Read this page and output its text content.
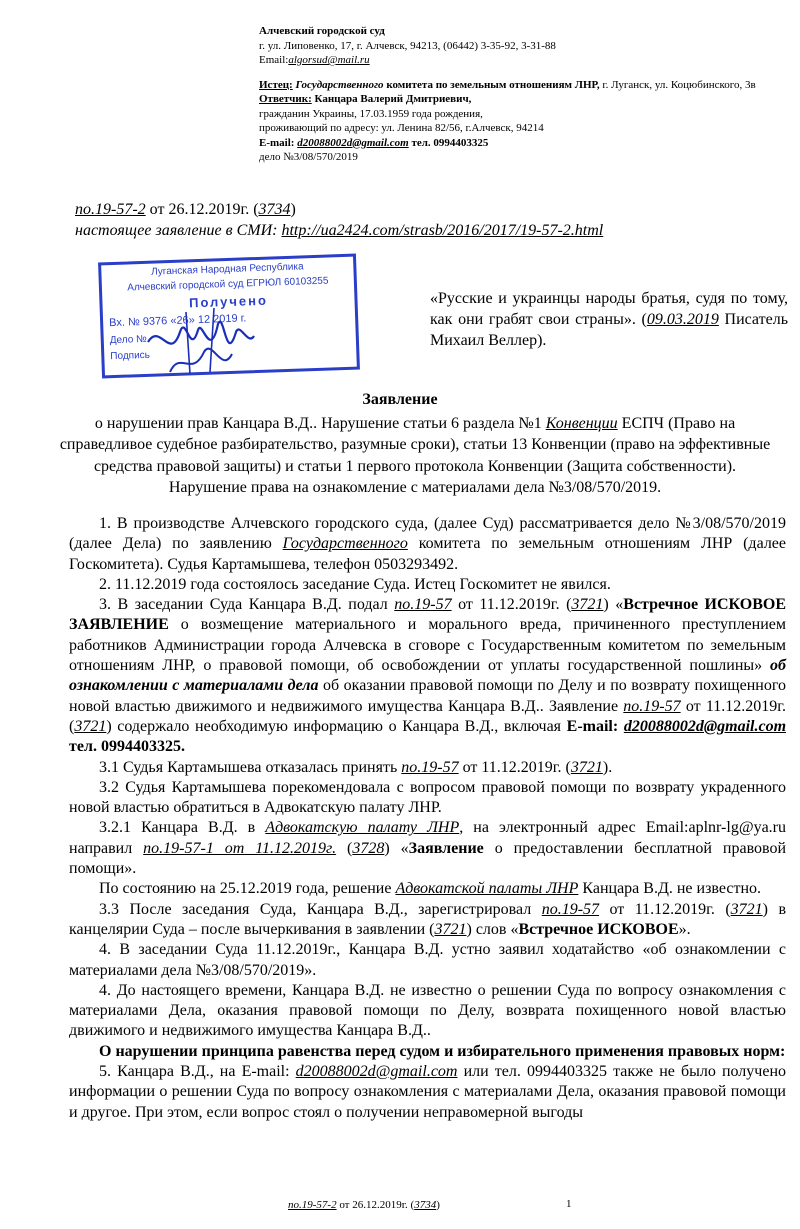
Алчевский городской суд
г. ул. Липовенко, 17, г. Алчевск, 94213, (06442) 3-35-92, 3-31-88
Email:algorsud@mail.ru
Истец: Государственного комитета по земельным отношениям ЛНР, г. Луганск, ул. Коцюбинского, 3в
Ответчик: Канцара Валерий Дмитриевич,
гражданин Украины, 17.03.1959 года рождения,
проживающий по адресу: ул. Ленина 82/56, г.Алчевск, 94214
E-mail: d20088002d@gmail.com тел. 0994403325
дело №3/08/570/2019
по.19-57-2 от 26.12.2019г. (3734)
настоящее заявление в СМИ: http://ua2424.com/strasb/2016/2017/19-57-2.html
Луганская Народная Республика
Алчевский городской суд ЕГРЮЛ 60103255
Получено
Вх. № 9376 «26» 12 2019 г.
Дело №
Подпись
«Русские и украинцы народы братья, судя по тому, как они грабят свои страны». (09.03.2019 Писатель Михаил Веллер).
Заявление
о нарушении прав Канцара В.Д.. Нарушение статьи 6 раздела №1 Конвенции ЕСПЧ (Право на справедливое судебное разбирательство, разумные сроки), статьи 13 Конвенции (право на эффективные средства правовой защиты) и статьи 1 первого протокола Конвенции (Защита собственности). Нарушение права на ознакомление с материалами дела №3/08/570/2019.

1. В производстве Алчевского городского суда, (далее Суд) рассматривается дело №3/08/570/2019 (далее Дела) по заявлению Государственного комитета по земельным отношениям ЛНР (далее Госкомитета). Судья Картамышева, телефон 0503293492.

2. 11.12.2019 года состоялось заседание Суда. Истец Госкомитет не явился.

3. В заседании Суда Канцара В.Д. подал по.19-57 от 11.12.2019г. (3721) «Встречное ИСКОВОЕ ЗАЯВЛЕНИЕ о возмещение материального и морального вреда, причиненного преступлением работников Администрации города Алчевска в сговоре с Государственным комитетом по земельным отношениям ЛНР, о правовой помощи, об освобождении от уплаты государственной пошлины» об ознакомлении с материалами дела об оказании правовой помощи по Делу и по возврату похищенного новой властью движимого и недвижимого имущества Канцара В.Д.. Заявление по.19-57 от 11.12.2019г. (3721) содержало необходимую информацию о Канцара В.Д., включая E-mail: d20088002d@gmail.com тел. 0994403325.

3.1 Судья Картамышева отказалась принять по.19-57 от 11.12.2019г. (3721).

3.2 Судья Картамышева порекомендовала с вопросом правовой помощи по возврату украденного новой властью обратиться в Адвокатскую палату ЛНР.

3.2.1 Канцара В.Д. в Адвокатскую палату ЛНР, на электронный адрес Email:aplnr-lg@ya.ru направил по.19-57-1 от 11.12.2019г. (3728) «Заявление о предоставлении бесплатной правовой помощи».

По состоянию на 25.12.2019 года, решение Адвокатской палаты ЛНР Канцара В.Д. не известно.

3.3 После заседания Суда, Канцара В.Д., зарегистрировал по.19-57 от 11.12.2019г. (3721) в канцелярии Суда – после вычеркивания в заявлении (3721) слов «Встречное ИСКОВОЕ».

4. В заседании Суда 11.12.2019г., Канцара В.Д. устно заявил ходатайство «об ознакомлении с материалами дела №3/08/570/2019».

4. До настоящего времени, Канцара В.Д. не известно о решении Суда по вопросу ознакомления с материалами Дела, оказания правовой помощи по Делу, возврата похищенного новой властью движимого и недвижимого имущества Канцара В.Д..

О нарушении принципа равенства перед судом и избирательного применения правовых норм:

5. Канцара В.Д., на E-mail: d20088002d@gmail.com или тел. 0994403325 также не было получено информации о решении Суда по вопросу ознакомления с материалами Дела, оказания правовой помощи и другое. При этом, если вопрос стоял о получении неправомерной выгоды

по.19-57-2 от 26.12.2019г. (3734)	1
